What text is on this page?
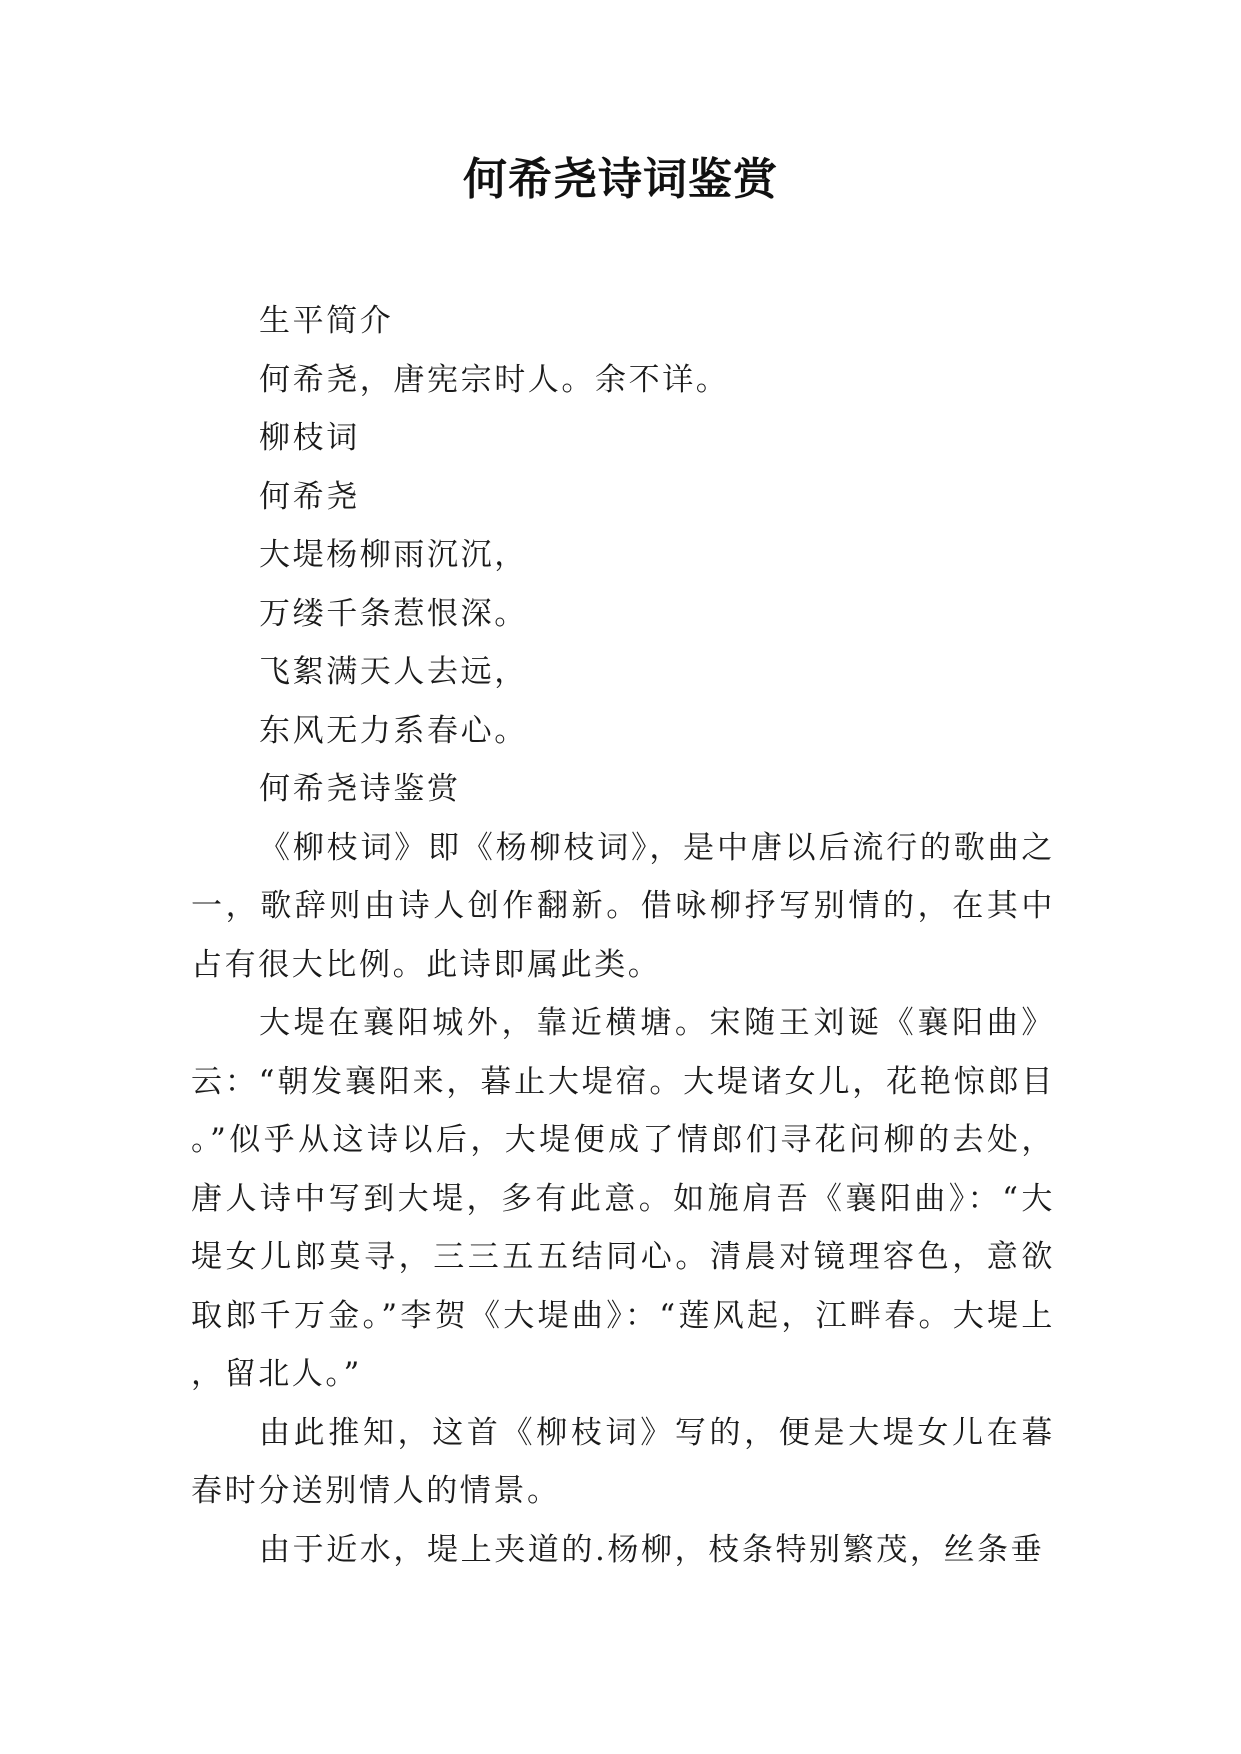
何希尧诗词鉴赏

生平简介

何希尧，唐宪宗时人。余不详。

柳枝词

何希尧

大堤杨柳雨沉沉，

万缕千条惹恨深。

飞絮满天人去远，

东风无力系春心。

何希尧诗鉴赏

《柳枝词》即《杨柳枝词》，是中唐以后流行的歌曲之一，歌辞则由诗人创作翻新。借咏柳抒写别情的，在其中占有很大比例。此诗即属此类。

大堤在襄阳城外，靠近横塘。宋随王刘诞《襄阳曲》云：“朝发襄阳来，暮止大堤宿。大堤诸女儿，花艳惊郎目。”似乎从这诗以后，大堤便成了情郎们寻花问柳的去处，唐人诗中写到大堤，多有此意。如施肩吾《襄阳曲》：“大堤女儿郎莫寻，三三五五结同心。清晨对镜理容色，意欲取郎千万金。”李贺《大堤曲》：“莲风起，江畔春。大堤上，留北人。”

由此推知，这首《柳枝词》写的，便是大堤女儿在暮春时分送别情人的情景。

由于近水，堤上夹道的.杨柳，枝条特别繁茂，丝条垂
